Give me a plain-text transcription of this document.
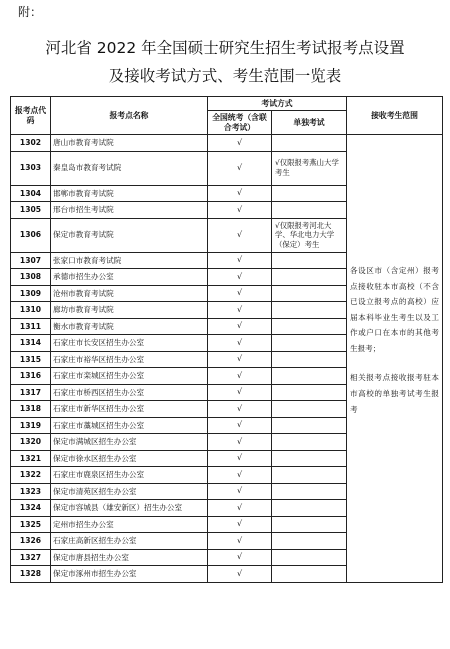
附：
河北省 2022 年全国硕士研究生招生考试报考点设置
及接收考试方式、考生范围一览表
报考点代码	报考点名称	考试方式		接收考生范围
		全国统考（含联合考试）	单独考试	
1302	唐山市教育考试院	√		各设区市（含定州）报考点接收驻本市高校（不含已设立报考点的高校）应届本科毕业生考生以及工作或户口在本市的其他考生报考；

相关报考点接收报考驻本市高校的单独考试考生报考

1303	秦皇岛市教育考试院	√	√仅限报考燕山大学考生	
1304	邯郸市教育考试院	√		
1305	邢台市招生考试院	√		
1306	保定市教育考试院	√	√仅限报考河北大学、华北电力大学（保定）考生	
1307	张家口市教育考试院	√		
1308	承德市招生办公室	√		
1309	沧州市教育考试院	√		
1310	廊坊市教育考试院	√		
1311	衡水市教育考试院	√		
1314	石家庄市长安区招生办公室	√		
1315	石家庄市裕华区招生办公室	√		
1316	石家庄市栾城区招生办公室	√		
1317	石家庄市桥西区招生办公室	√		
1318	石家庄市新华区招生办公室	√		
1319	石家庄市藁城区招生办公室	√		
1320	保定市满城区招生办公室	√		
1321	保定市徐水区招生办公室	√		
1322	石家庄市鹿泉区招生办公室	√		
1323	保定市清苑区招生办公室	√		
1324	保定市容城县（雄安新区）招生办公室	√		
1325	定州市招生办公室	√		
1326	石家庄高新区招生办公室	√		
1327	保定市唐县招生办公室	√		
1328	保定市涿州市招生办公室	√		
